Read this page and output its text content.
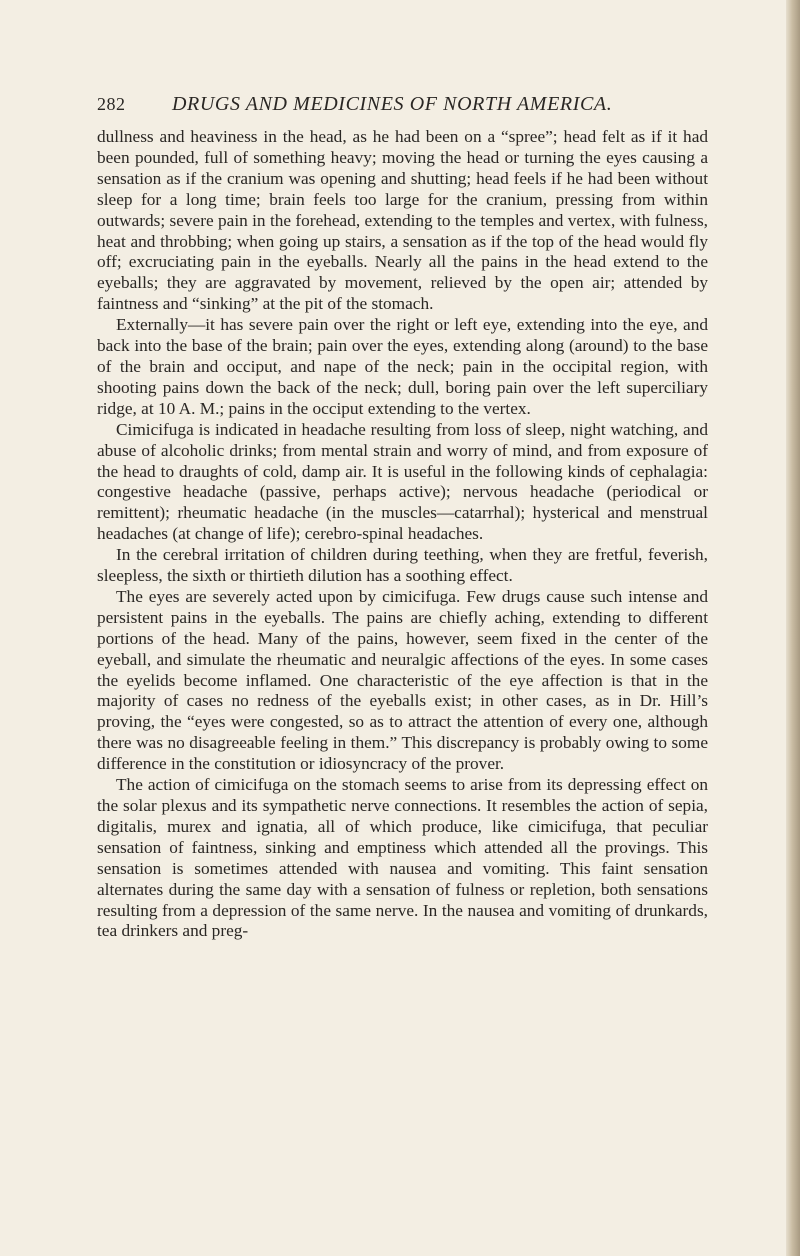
282 DRUGS AND MEDICINES OF NORTH AMERICA.

dullness and heaviness in the head, as he had been on a “spree”; head felt as if it had been pounded, full of something heavy; moving the head or turning the eyes causing a sensation as if the cranium was opening and shutting; head feels if he had been without sleep for a long time; brain feels too large for the cranium, pressing from within outwards; severe pain in the forehead, extending to the temples and vertex, with fulness, heat and throbbing; when going up stairs, a sensation as if the top of the head would fly off; excruciating pain in the eyeballs. Nearly all the pains in the head extend to the eyeballs; they are aggravated by movement, relieved by the open air; attended by faintness and “sinking” at the pit of the stomach.

Externally—it has severe pain over the right or left eye, extending into the eye, and back into the base of the brain; pain over the eyes, extending along (around) to the base of the brain and occiput, and nape of the neck; pain in the occipital region, with shooting pains down the back of the neck; dull, boring pain over the left superciliary ridge, at 10 A. M.; pains in the occiput extending to the vertex.

Cimicifuga is indicated in headache resulting from loss of sleep, night watching, and abuse of alcoholic drinks; from mental strain and worry of mind, and from exposure of the head to draughts of cold, damp air. It is useful in the following kinds of cephalagia: congestive headache (passive, perhaps active); nervous headache (periodical or remittent); rheumatic headache (in the muscles—catarrhal); hysterical and menstrual headaches (at change of life); cerebro-spinal headaches.

In the cerebral irritation of children during teething, when they are fretful, feverish, sleepless, the sixth or thirtieth dilution has a soothing effect.

The eyes are severely acted upon by cimicifuga. Few drugs cause such intense and persistent pains in the eyeballs. The pains are chiefly aching, extending to different portions of the head. Many of the pains, however, seem fixed in the center of the eyeball, and simulate the rheumatic and neuralgic affections of the eyes. In some cases the eyelids become inflamed. One characteristic of the eye affection is that in the majority of cases no redness of the eyeballs exist; in other cases, as in Dr. Hill’s proving, the “eyes were congested, so as to attract the attention of every one, although there was no disagreeable feeling in them.” This discrepancy is probably owing to some difference in the constitution or idiosyncracy of the prover.

The action of cimicifuga on the stomach seems to arise from its depressing effect on the solar plexus and its sympathetic nerve connections. It resembles the action of sepia, digitalis, murex and ignatia, all of which produce, like cimicifuga, that peculiar sensation of faintness, sinking and emptiness which attended all the provings. This sensation is sometimes attended with nausea and vomiting. This faint sensation alternates during the same day with a sensation of fulness or repletion, both sensations resulting from a depression of the same nerve. In the nausea and vomiting of drunkards, tea drinkers and preg-
